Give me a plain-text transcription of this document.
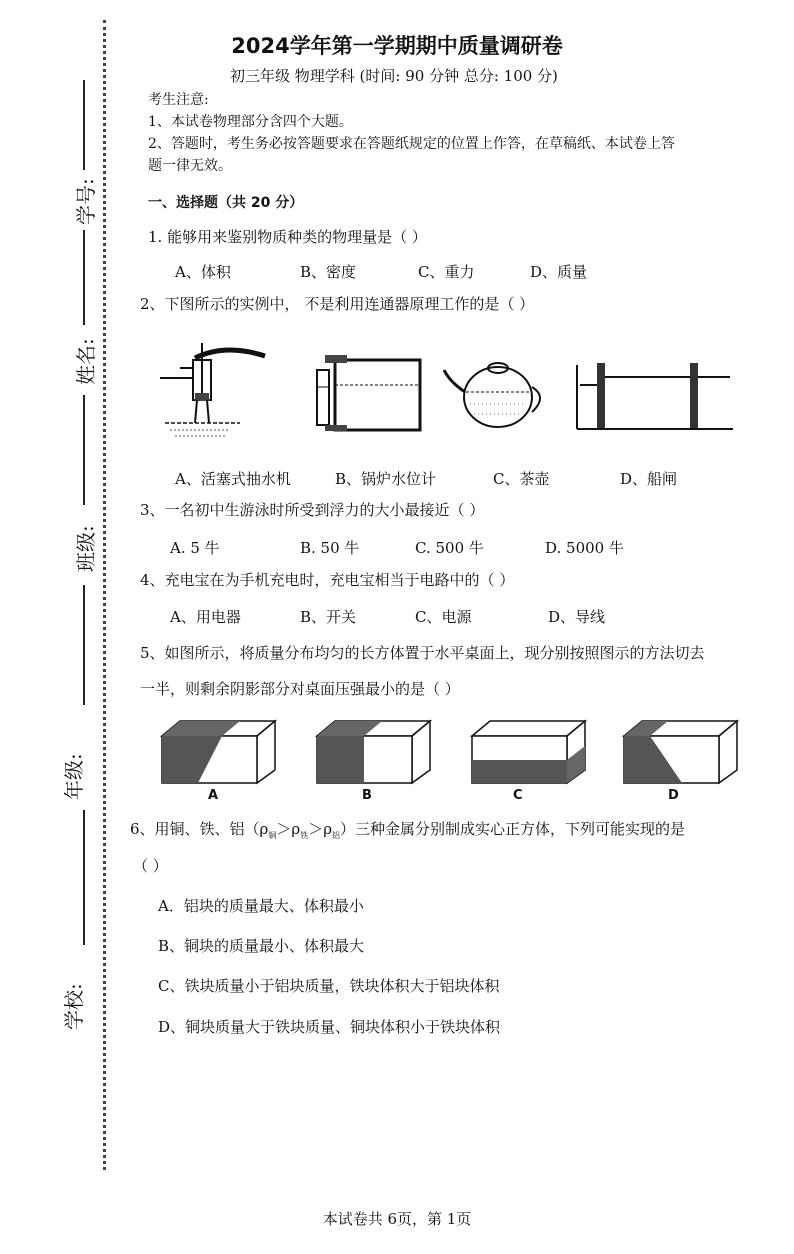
学号:
姓名:
班级:
年级:
学校:
2024学年第一学期期中质量调研卷
初三年级 物理学科 (时间: 90 分钟 总分: 100 分)
考生注意:
1、本试卷物理部分含四个大题。
2、答题时，考生务必按答题要求在答题纸规定的位置上作答，在草稿纸、本试卷上答
题一律无效。
一、选择题（共 20 分）
1. 能够用来鉴别物质种类的物理量是（ ）
A、体积	B、密度	C、重力	D、质量
2、下图所示的实例中， 不是利用连通器原理工作的是（ ）
A、活塞式抽水机	B、锅炉水位计	C、茶壶	D、船闸
3、一名初中生游泳时所受到浮力的大小最接近（ ）
A. 5 牛	B. 50 牛	C. 500 牛	D. 5000 牛
4、充电宝在为手机充电时，充电宝相当于电路中的（ ）
A、用电器	B、开关	C、电源	D、导线
5、如图所示，将质量分布均匀的长方体置于水平桌面上，现分别按照图示的方法切去
一半，则剩余阴影部分对桌面压强最小的是（ ）
A	B	C	D
6、用铜、铁、铝$(\rho_铜>\rho_铁>\rho_铝)$三种金属分别制成实心正方体，下列可能实现的是
（ ）
A．铝块的质量最大、体积最小
B、铜块的质量最小、体积最大
C、铁块质量小于铝块质量，铁块体积大于铝块体积
D、铜块质量大于铁块质量、铜块体积小于铁块体积
本试卷共 6页，第 1页
